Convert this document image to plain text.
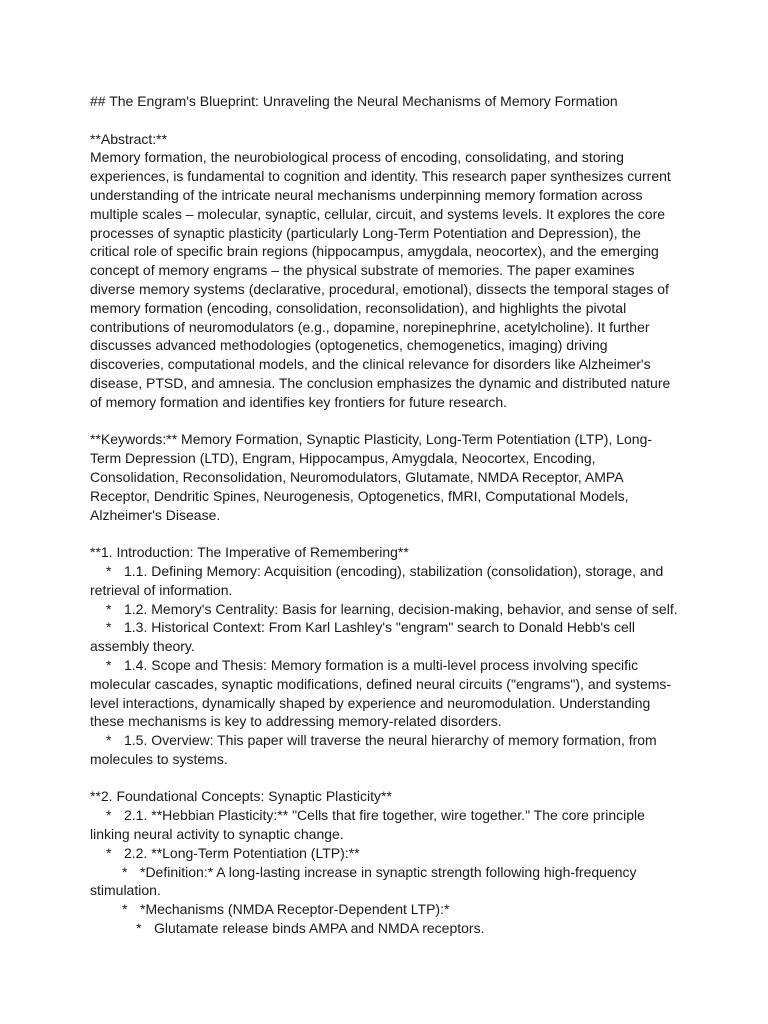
## The Engram's Blueprint: Unraveling the Neural Mechanisms of Memory Formation

**Abstract:**

Memory formation, the neurobiological process of encoding, consolidating, and storing experiences, is fundamental to cognition and identity. This research paper synthesizes current understanding of the intricate neural mechanisms underpinning memory formation across multiple scales – molecular, synaptic, cellular, circuit, and systems levels. It explores the core processes of synaptic plasticity (particularly Long-Term Potentiation and Depression), the critical role of specific brain regions (hippocampus, amygdala, neocortex), and the emerging concept of memory engrams – the physical substrate of memories. The paper examines diverse memory systems (declarative, procedural, emotional), dissects the temporal stages of memory formation (encoding, consolidation, reconsolidation), and highlights the pivotal contributions of neuromodulators (e.g., dopamine, norepinephrine, acetylcholine). It further discusses advanced methodologies (optogenetics, chemogenetics, imaging) driving discoveries, computational models, and the clinical relevance for disorders like Alzheimer's disease, PTSD, and amnesia. The conclusion emphasizes the dynamic and distributed nature of memory formation and identifies key frontiers for future research.

**Keywords:** Memory Formation, Synaptic Plasticity, Long-Term Potentiation (LTP), Long-Term Depression (LTD), Engram, Hippocampus, Amygdala, Neocortex, Encoding, Consolidation, Reconsolidation, Neuromodulators, Glutamate, NMDA Receptor, AMPA Receptor, Dendritic Spines, Neurogenesis, Optogenetics, fMRI, Computational Models, Alzheimer's Disease.

**1. Introduction: The Imperative of Remembering**

* 1.1. Defining Memory: Acquisition (encoding), stabilization (consolidation), storage, and retrieval of information.

* 1.2. Memory's Centrality: Basis for learning, decision-making, behavior, and sense of self.

* 1.3. Historical Context: From Karl Lashley's "engram" search to Donald Hebb's cell assembly theory.

* 1.4. Scope and Thesis: Memory formation is a multi-level process involving specific molecular cascades, synaptic modifications, defined neural circuits ("engrams"), and systems-level interactions, dynamically shaped by experience and neuromodulation. Understanding these mechanisms is key to addressing memory-related disorders.

* 1.5. Overview: This paper will traverse the neural hierarchy of memory formation, from molecules to systems.

**2. Foundational Concepts: Synaptic Plasticity**

* 2.1. **Hebbian Plasticity:** "Cells that fire together, wire together." The core principle linking neural activity to synaptic change.

* 2.2. **Long-Term Potentiation (LTP):**

* *Definition:* A long-lasting increase in synaptic strength following high-frequency stimulation.

* *Mechanisms (NMDA Receptor-Dependent LTP):*

* Glutamate release binds AMPA and NMDA receptors.
